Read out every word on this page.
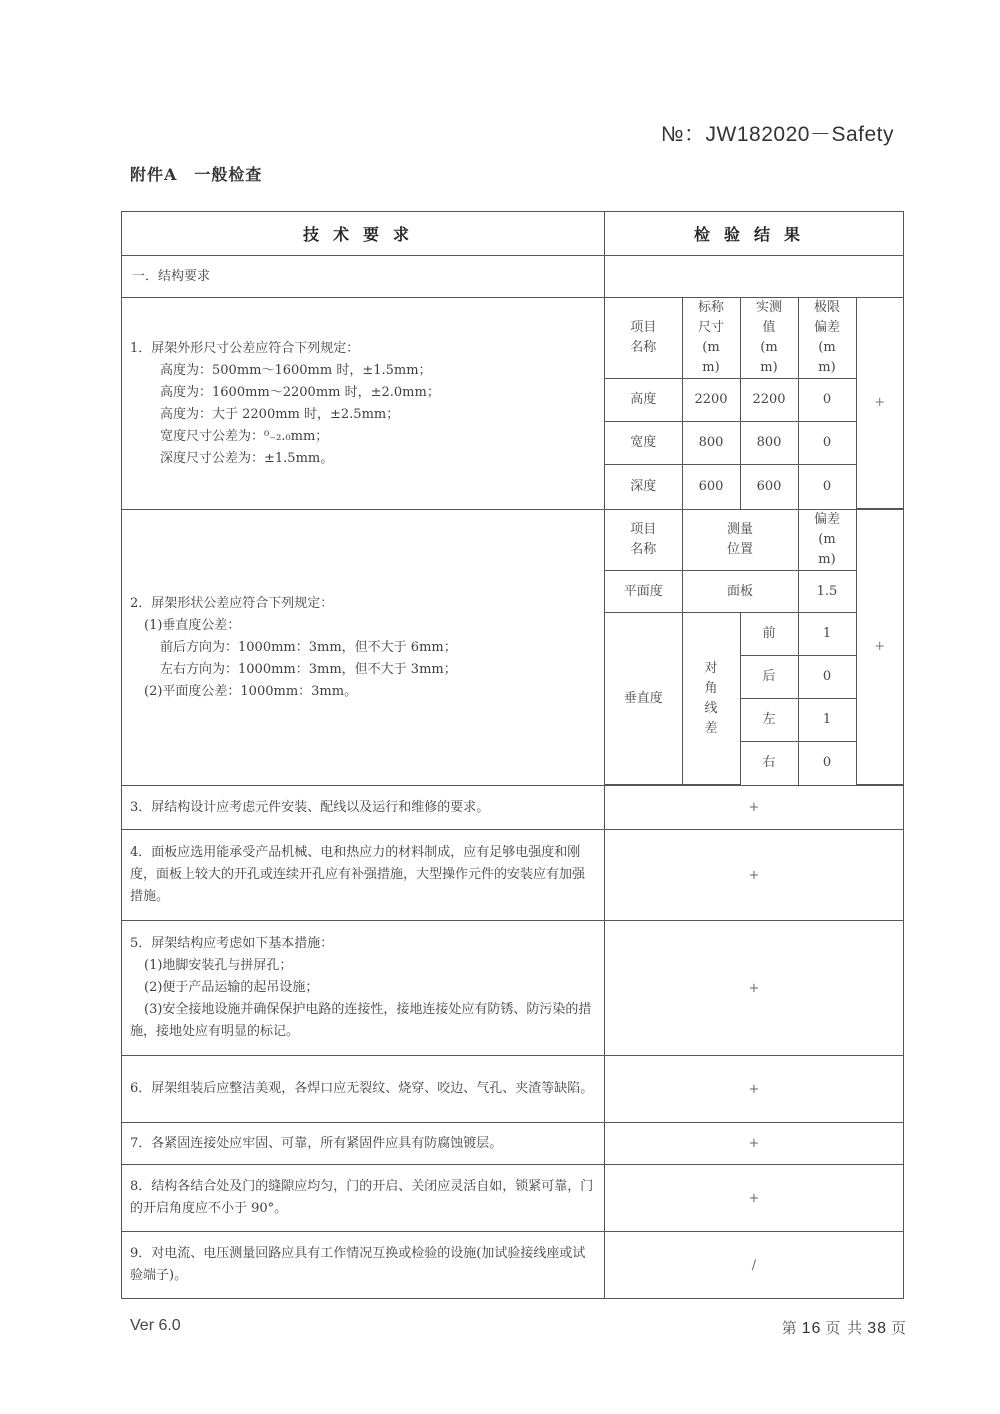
№：JW182020－Safety
附件A　一般检查
技术要求	检验结果
一．结构要求	

1．屏架外形尺寸公差应符合下列规定：
高度为：500mm～1600mm 时，±1.5mm；
高度为：1600mm～2200mm 时，±2.0mm；
高度为：大于 2200mm 时，±2.5mm；
宽度尺寸公差为：⁰₋₂.₀mm；
深度尺寸公差为：±1.5mm。

项目名称	标称尺寸(mm)	实测值(mm)	极限偏差(mm)	+
高度	2200	2200	0
宽度	800	800	0
深度	600	600	0

2．屏架形状公差应符合下列规定：
(1)垂直度公差：
前后方向为：1000mm：3mm，但不大于 6mm；
左右方向为：1000mm：3mm，但不大于 3mm；
(2)平面度公差：1000mm：3mm。

项目名称	测量位置	偏差(mm)	+
平面度	面板	1.5
垂直度	对角线差	前	1
后	0
左	1
右	0

3．屏结构设计应考虑元件安装、配线以及运行和维修的要求。	+
4．面板应选用能承受产品机械、电和热应力的材料制成，应有足够电强度和刚度，面板上较大的开孔或连续开孔应有补强措施，大型操作元件的安装应有加强措施。	+

5．屏架结构应考虑如下基本措施：
(1)地脚安装孔与拼屏孔；
(2)便于产品运输的起吊设施；
(3)安全接地设施并确保保护电路的连接性，接地连接处应有防锈、防污染的措施，接地处应有明显的标记。
	+
6．屏架组装后应整洁美观，各焊口应无裂纹、烧穿、咬边、气孔、夹渣等缺陷。	+
7．各紧固连接处应牢固、可靠，所有紧固件应具有防腐蚀镀层。	+
8．结构各结合处及门的缝隙应均匀，门的开启、关闭应灵活自如，锁紧可靠，门的开启角度应不小于 90°。	+
9．对电流、电压测量回路应具有工作情况互换或检验的设施(加试验接线座或试验端子)。	/
Ver 6.0	第 16 页 共 38 页
